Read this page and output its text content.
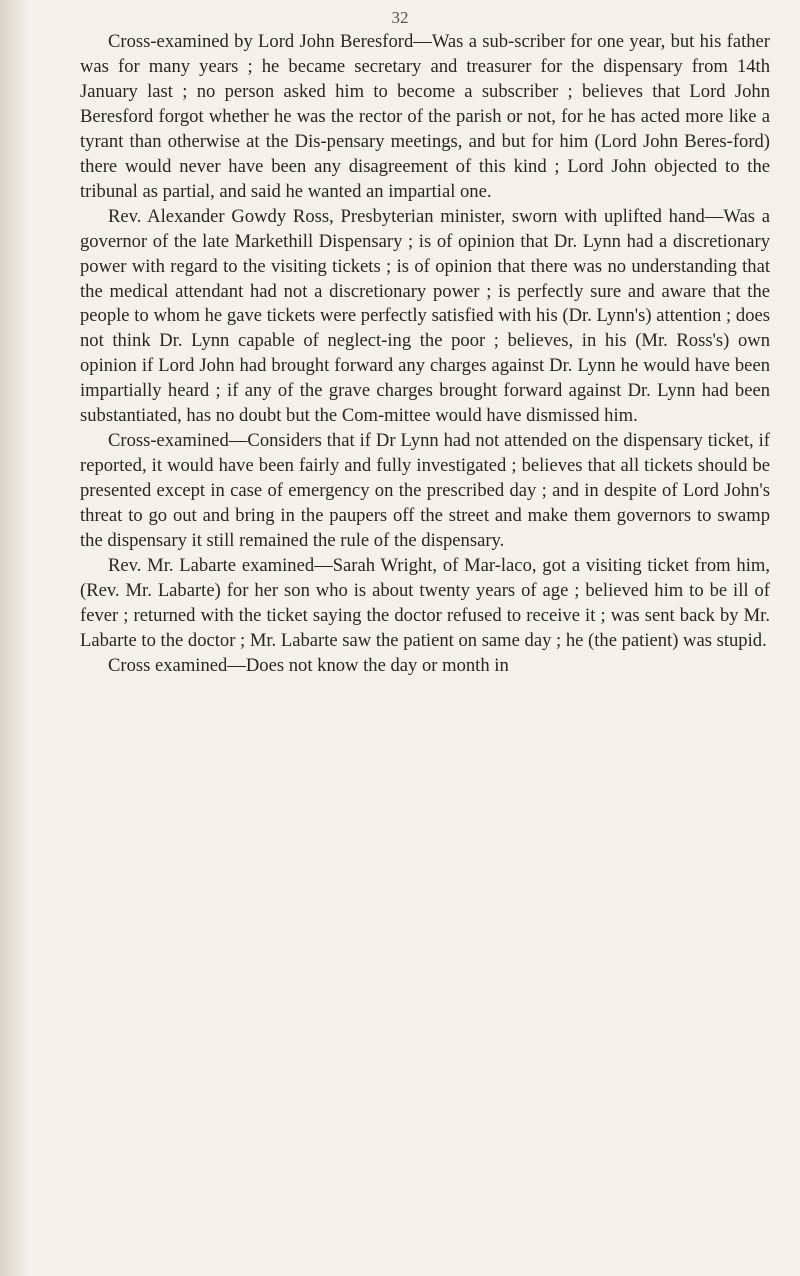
32

Cross-examined by Lord John Beresford—Was a sub-scriber for one year, but his father was for many years ; he became secretary and treasurer for the dispensary from 14th January last ; no person asked him to become a subscriber ; believes that Lord John Beresford forgot whether he was the rector of the parish or not, for he has acted more like a tyrant than otherwise at the Dis-pensary meetings, and but for him (Lord John Beres-ford) there would never have been any disagreement of this kind ; Lord John objected to the tribunal as partial, and said he wanted an impartial one.

Rev. Alexander Gowdy Ross, Presbyterian minister, sworn with uplifted hand—Was a governor of the late Markethill Dispensary ; is of opinion that Dr. Lynn had a discretionary power with regard to the visiting tickets ; is of opinion that there was no understanding that the medical attendant had not a discretionary power ; is perfectly sure and aware that the people to whom he gave tickets were perfectly satisfied with his (Dr. Lynn's) attention ; does not think Dr. Lynn capable of neglect-ing the poor ; believes, in his (Mr. Ross's) own opinion if Lord John had brought forward any charges against Dr. Lynn he would have been impartially heard ; if any of the grave charges brought forward against Dr. Lynn had been substantiated, has no doubt but the Com-mittee would have dismissed him.

Cross-examined—Considers that if Dr Lynn had not attended on the dispensary ticket, if reported, it would have been fairly and fully investigated ; believes that all tickets should be presented except in case of emergency on the prescribed day ; and in despite of Lord John's threat to go out and bring in the paupers off the street and make them governors to swamp the dispensary it still remained the rule of the dispensary.

Rev. Mr. Labarte examined—Sarah Wright, of Mar-laco, got a visiting ticket from him, (Rev. Mr. Labarte) for her son who is about twenty years of age ; believed him to be ill of fever ; returned with the ticket saying the doctor refused to receive it ; was sent back by Mr. Labarte to the doctor ; Mr. Labarte saw the patient on same day ; he (the patient) was stupid.

Cross examined—Does not know the day or month in
